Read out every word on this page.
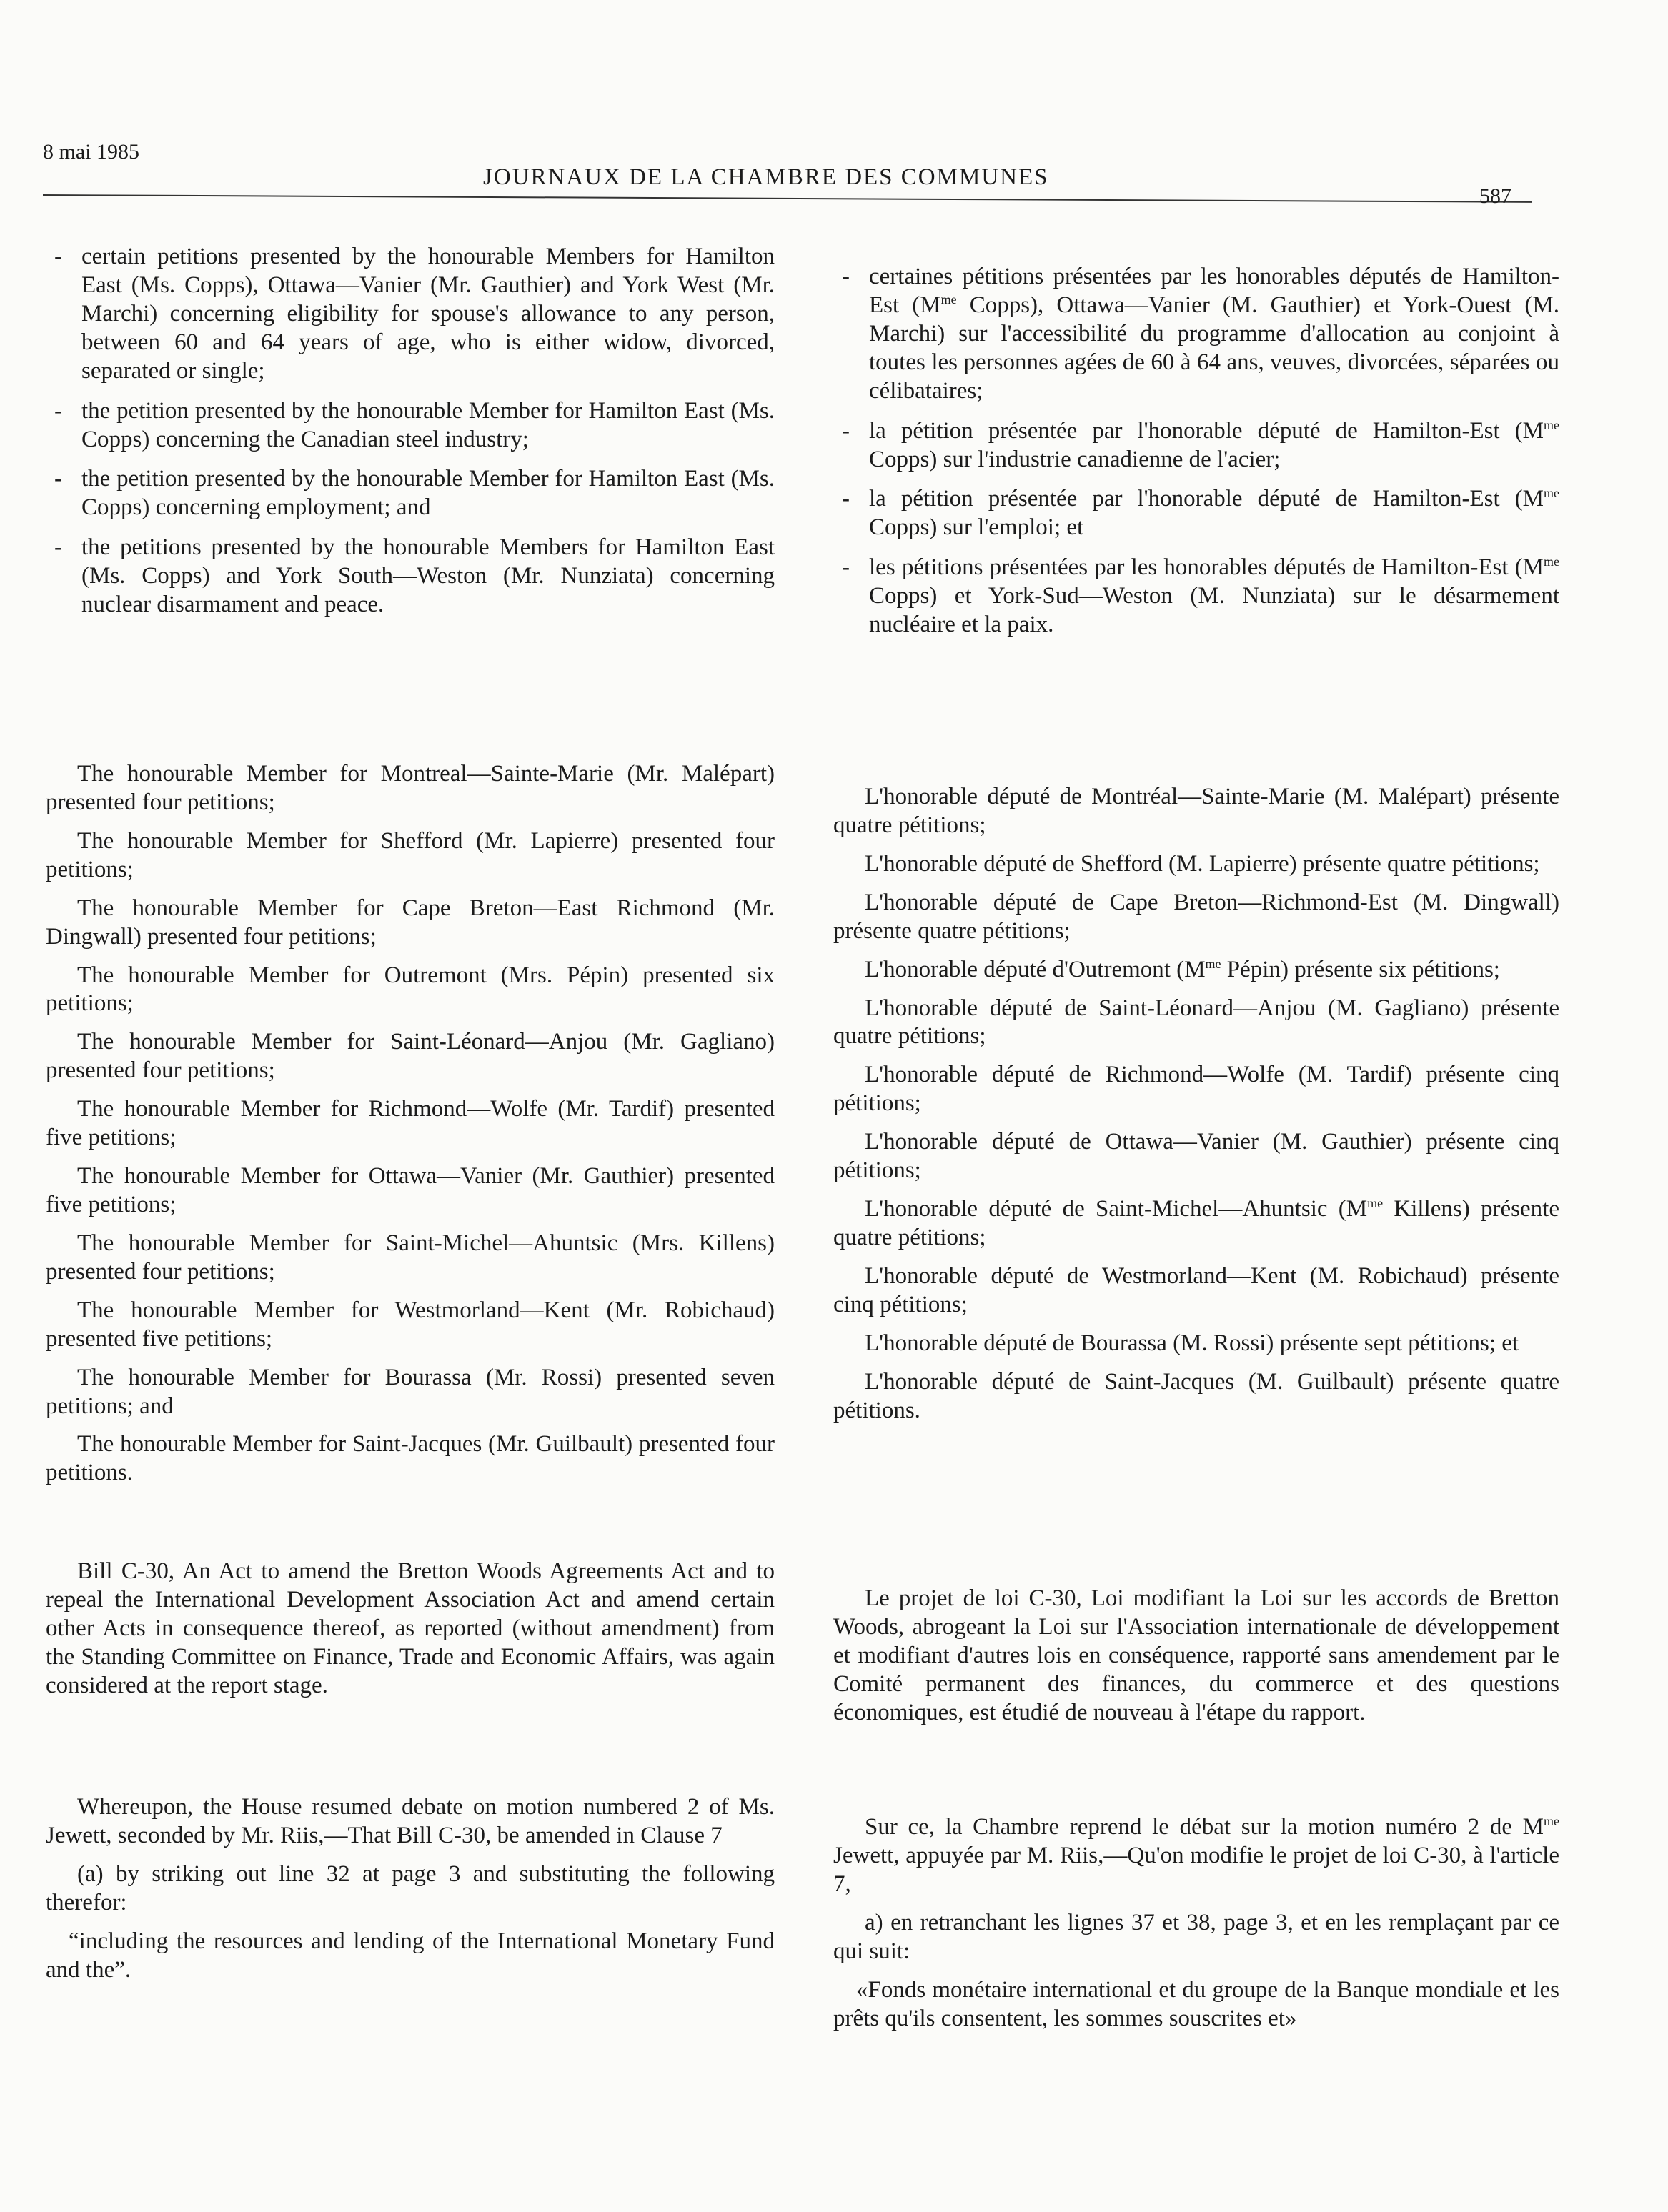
8 mai 1985
JOURNAUX DE LA CHAMBRE DES COMMUNES
587
- certain petitions presented by the honourable Members for Hamilton East (Ms. Copps), Ottawa—Vanier (Mr. Gauthier) and York West (Mr. Marchi) concerning eligibility for spouse's allowance to any person, between 60 and 64 years of age, who is either widow, divorced, separated or single;
- the petition presented by the honourable Member for Hamilton East (Ms. Copps) concerning the Canadian steel industry;
- the petition presented by the honourable Member for Hamilton East (Ms. Copps) concerning employment; and
- the petitions presented by the honourable Members for Hamilton East (Ms. Copps) and York South—Weston (Mr. Nunziata) concerning nuclear disarmament and peace.

The honourable Member for Montreal—Sainte-Marie (Mr. Malépart) presented four petitions;

The honourable Member for Shefford (Mr. Lapierre) presented four petitions;

The honourable Member for Cape Breton—East Richmond (Mr. Dingwall) presented four petitions;

The honourable Member for Outremont (Mrs. Pépin) presented six petitions;

The honourable Member for Saint-Léonard—Anjou (Mr. Gagliano) presented four petitions;

The honourable Member for Richmond—Wolfe (Mr. Tardif) presented five petitions;

The honourable Member for Ottawa—Vanier (Mr. Gauthier) presented five petitions;

The honourable Member for Saint-Michel—Ahuntsic (Mrs. Killens) presented four petitions;

The honourable Member for Westmorland—Kent (Mr. Robichaud) presented five petitions;

The honourable Member for Bourassa (Mr. Rossi) presented seven petitions; and

The honourable Member for Saint-Jacques (Mr. Guilbault) presented four petitions.

Bill C-30, An Act to amend the Bretton Woods Agreements Act and to repeal the International Development Association Act and amend certain other Acts in consequence thereof, as reported (without amendment) from the Standing Committee on Finance, Trade and Economic Affairs, was again considered at the report stage.

Whereupon, the House resumed debate on motion numbered 2 of Ms. Jewett, seconded by Mr. Riis,—That Bill C-30, be amended in Clause 7

(a) by striking out line 32 at page 3 and substituting the following therefor:

“including the resources and lending of the International Monetary Fund and the”.

- certaines pétitions présentées par les honorables députés de Hamilton-Est ($M^{me}$ Copps), Ottawa—Vanier (M. Gauthier) et York-Ouest (M. Marchi) sur l'accessibilité du programme d'allocation au conjoint à toutes les personnes agées de 60 à 64 ans, veuves, divorcées, séparées ou célibataires;
- la pétition présentée par l'honorable député de Hamilton-Est ($M^{me}$ Copps) sur l'industrie canadienne de l'acier;
- la pétition présentée par l'honorable député de Hamilton-Est ($M^{me}$ Copps) sur l'emploi; et
- les pétitions présentées par les honorables députés de Hamilton-Est ($M^{me}$ Copps) et York-Sud—Weston (M. Nunziata) sur le désarmement nucléaire et la paix.

L'honorable député de Montréal—Sainte-Marie (M. Malépart) présente quatre pétitions;

L'honorable député de Shefford (M. Lapierre) présente quatre pétitions;

L'honorable député de Cape Breton—Richmond-Est (M. Dingwall) présente quatre pétitions;

L'honorable député d'Outremont ($M^{me}$ Pépin) présente six pétitions;

L'honorable député de Saint-Léonard—Anjou (M. Gagliano) présente quatre pétitions;

L'honorable député de Richmond—Wolfe (M. Tardif) présente cinq pétitions;

L'honorable député de Ottawa—Vanier (M. Gauthier) présente cinq pétitions;

L'honorable député de Saint-Michel—Ahuntsic ($M^{me}$ Killens) présente quatre pétitions;

L'honorable député de Westmorland—Kent (M. Robichaud) présente cinq pétitions;

L'honorable député de Bourassa (M. Rossi) présente sept pétitions; et

L'honorable député de Saint-Jacques (M. Guilbault) présente quatre pétitions.

Le projet de loi C-30, Loi modifiant la Loi sur les accords de Bretton Woods, abrogeant la Loi sur l'Association internationale de développement et modifiant d'autres lois en conséquence, rapporté sans amendement par le Comité permanent des finances, du commerce et des questions économiques, est étudié de nouveau à l'étape du rapport.

Sur ce, la Chambre reprend le débat sur la motion numéro 2 de $M^{me}$ Jewett, appuyée par M. Riis,—Qu'on modifie le projet de loi C-30, à l'article 7,

a) en retranchant les lignes 37 et 38, page 3, et en les remplaçant par ce qui suit:

«Fonds monétaire international et du groupe de la Banque mondiale et les prêts qu'ils consentent, les sommes souscrites et»
